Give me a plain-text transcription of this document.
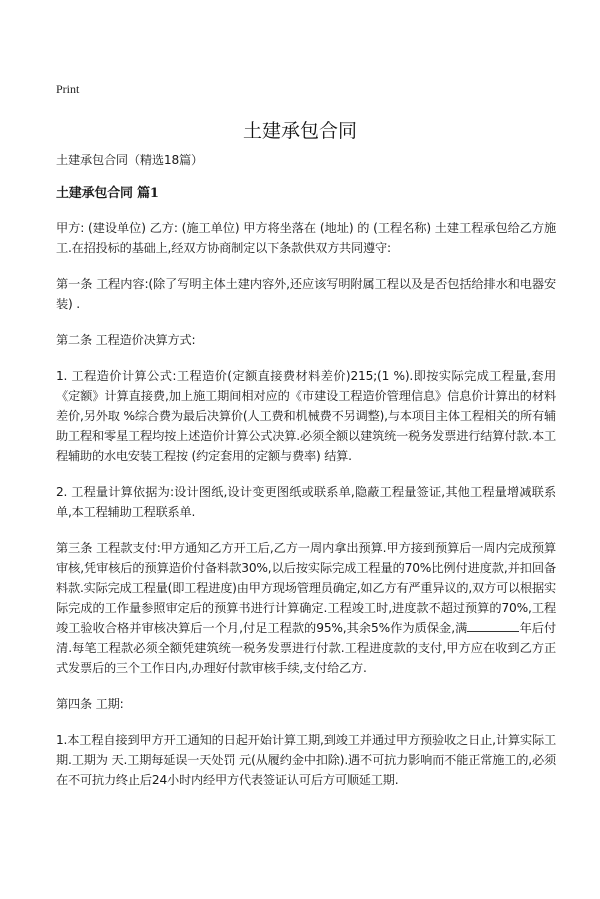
Print
土建承包合同

土建承包合同（精选18篇）

土建承包合同 篇1

甲方: (建设单位) 乙方: (施工单位) 甲方将坐落在 (地址) 的 (工程名称) 土建工程承包给乙方施工.在招投标的基础上,经双方协商制定以下条款供双方共同遵守:

第一条 工程内容:(除了写明主体土建内容外,还应该写明附属工程以及是否包括给排水和电器安装) .

第二条 工程造价决算方式:

1. 工程造价计算公式:工程造价(定额直接费材料差价)215;(1 %).即按实际完成工程量,套用《定额》计算直接费,加上施工期间相对应的《市建设工程造价管理信息》信息价计算出的材料差价,另外取 %综合费为最后决算价(人工费和机械费不另调整),与本项目主体工程相关的所有辅助工程和零星工程均按上述造价计算公式决算.必须全额以建筑统一税务发票进行结算付款.本工程辅助的水电安装工程按 (约定套用的定额与费率) 结算.

2. 工程量计算依据为:设计图纸,设计变更图纸或联系单,隐蔽工程量签证,其他工程量增减联系单,本工程辅助工程联系单.

第三条 工程款支付:甲方通知乙方开工后,乙方一周内拿出预算.甲方接到预算后一周内完成预算审核,凭审核后的预算造价付备料款30%,以后按实际完成工程量的70%比例付进度款,并扣回备料款.实际完成工程量(即工程进度)由甲方现场管理员确定,如乙方有严重异议的,双方可以根据实际完成的工作量参照审定后的预算书进行计算确定.工程竣工时,进度款不超过预算的70%,工程竣工验收合格并审核决算后一个月,付足工程款的95%,其余5%作为质保金,满	年后付清.每笔工程款必须全额凭建筑统一税务发票进行付款.工程进度款的支付,甲方应在收到乙方正式发票后的三个工作日内,办理好付款审核手续,支付给乙方.

第四条 工期:

1.本工程自接到甲方开工通知的日起开始计算工期,到竣工并通过甲方预验收之日止,计算实际工期.工期为 天.工期每延误一天处罚 元(从履约金中扣除).遇不可抗力影响而不能正常施工的,必须在不可抗力终止后24小时内经甲方代表签证认可后方可顺延工期.
